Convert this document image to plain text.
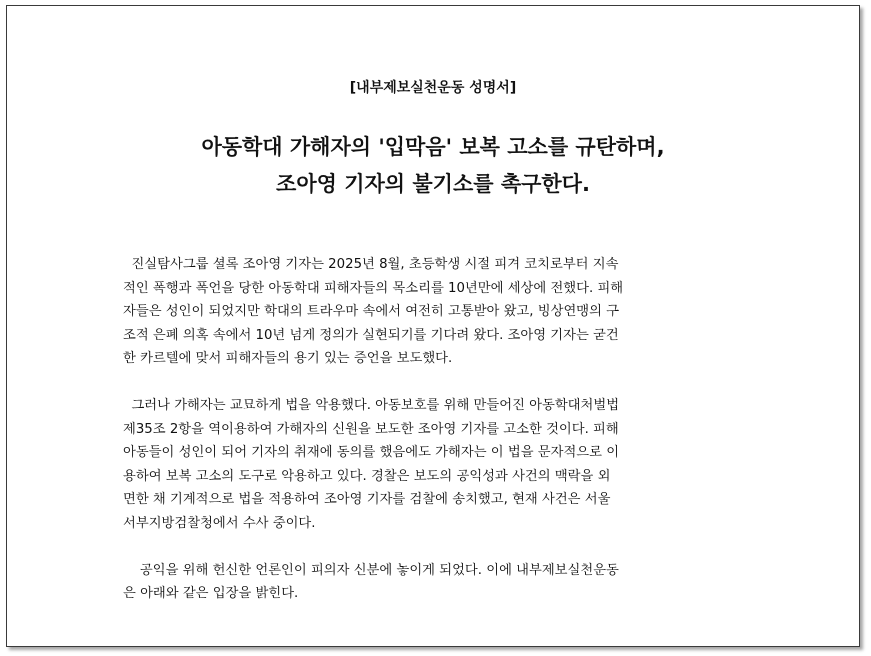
[내부제보실천운동 성명서]
아동학대 가해자의 '입막음' 보복 고소를 규탄하며,
조아영 기자의 불기소를 촉구한다.

진실탐사그룹 셜록 조아영 기자는 2025년 8월, 초등학생 시절 피겨 코치로부터 지속
적인 폭행과 폭언을 당한 아동학대 피해자들의 목소리를 10년만에 세상에 전했다. 피해
자들은 성인이 되었지만 학대의 트라우마 속에서 여전히 고통받아 왔고, 빙상연맹의 구
조적 은폐 의혹 속에서 10년 넘게 정의가 실현되기를 기다려 왔다. 조아영 기자는 굳건
한 카르텔에 맞서 피해자들의 용기 있는 증언을 보도했다.

그러나 가해자는 교묘하게 법을 악용했다. 아동보호를 위해 만들어진 아동학대처벌법
제35조 2항을 역이용하여 가해자의 신원을 보도한 조아영 기자를 고소한 것이다. 피해
아동들이 성인이 되어 기자의 취재에 동의를 했음에도 가해자는 이 법을 문자적으로 이
용하여 보복 고소의 도구로 악용하고 있다. 경찰은 보도의 공익성과 사건의 맥락을 외
면한 채 기계적으로 법을 적용하여 조아영 기자를 검찰에 송치했고, 현재 사건은 서울
서부지방검찰청에서 수사 중이다.

공익을 위해 헌신한 언론인이 피의자 신분에 놓이게 되었다. 이에 내부제보실천운동
은 아래와 같은 입장을 밝힌다.
